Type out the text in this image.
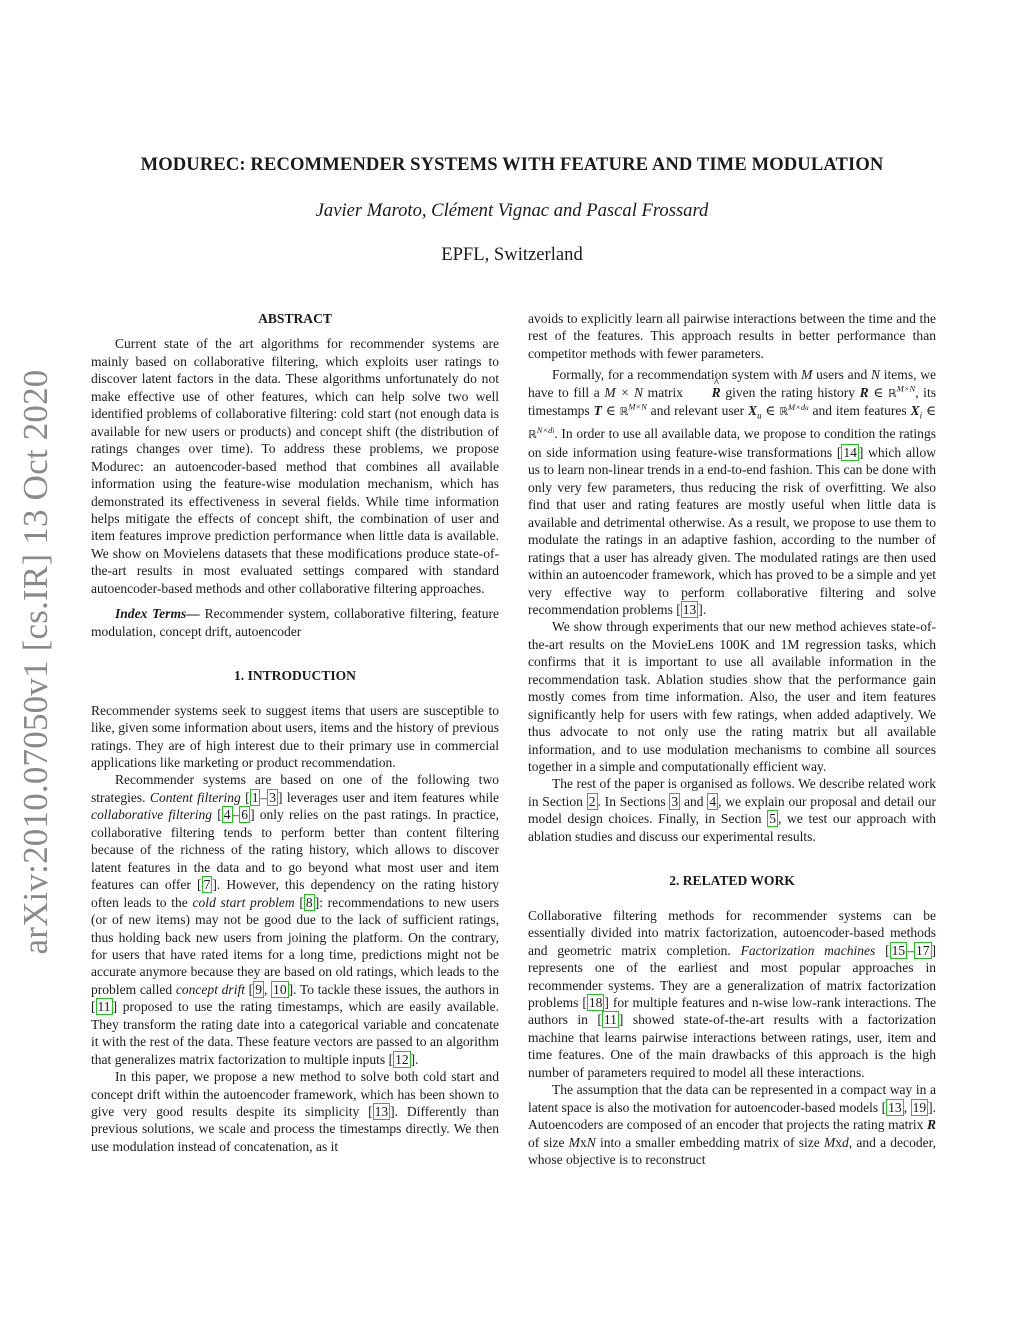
arXiv:2010.07050v1 [cs.IR] 13 Oct 2020
MODUREC: RECOMMENDER SYSTEMS WITH FEATURE AND TIME MODULATION
Javier Maroto, Clément Vignac and Pascal Frossard
EPFL, Switzerland
ABSTRACT

Current state of the art algorithms for recommender systems are mainly based on collaborative filtering, which exploits user ratings to discover latent factors in the data. These algorithms unfortunately do not make effective use of other features, which can help solve two well identified problems of collaborative filtering: cold start (not enough data is available for new users or products) and concept shift (the distribution of ratings changes over time). To address these problems, we propose Modurec: an autoencoder-based method that combines all available information using the feature-wise modulation mechanism, which has demonstrated its effectiveness in several fields. While time information helps mitigate the effects of concept shift, the combination of user and item features improve prediction performance when little data is available. We show on Movielens datasets that these modifications produce state-of-the-art results in most evaluated settings compared with standard autoencoder-based methods and other collaborative filtering approaches.

Index Terms— Recommender system, collaborative filtering, feature modulation, concept drift, autoencoder

1. INTRODUCTION

Recommender systems seek to suggest items that users are susceptible to like, given some information about users, items and the history of previous ratings. They are of high interest due to their primary use in commercial applications like marketing or product recommendation.

Recommender systems are based on one of the following two strategies. Content filtering [ 1 – 3 ] leverages user and item features while collaborative filtering [ 4 – 6 ] only relies on the past ratings. In practice, collaborative filtering tends to perform better than content filtering because of the richness of the rating history, which allows to discover latent features in the data and to go beyond what most user and item features can offer [ 7 ]. However, this dependency on the rating history often leads to the cold start problem [ 8 ]: recommendations to new users (or of new items) may not be good due to the lack of sufficient ratings, thus holding back new users from joining the platform. On the contrary, for users that have rated items for a long time, predictions might not be accurate anymore because they are based on old ratings, which leads to the problem called concept drift [ 9 , 10 ]. To tackle these issues, the authors in [ 11 ] proposed to use the rating timestamps, which are easily available. They transform the rating date into a categorical variable and concatenate it with the rest of the data. These feature vectors are passed to an algorithm that generalizes matrix factorization to multiple inputs [ 12 ].

In this paper, we propose a new method to solve both cold start and concept drift within the autoencoder framework, which has been shown to give very good results despite its simplicity [ 13 ]. Differently than previous solutions, we scale and process the timestamps directly. We then use modulation instead of concatenation, as it

avoids to explicitly learn all pairwise interactions between the time and the rest of the features. This approach results in better performance than competitor methods with fewer parameters.

Formally, for a recommendation system with M users and N items, we have to fill a M × N matrix R ^ given the rating history R ∈ ℝ$^{M\times N}$, its timestamps T ∈ ℝ$^{M\times N}$ and relevant user $X_u$ ∈ ℝ$^{M\times du}$ and item features $X_i$ ∈ ℝ$^{N\times di}$. In order to use all available data, we propose to condition the ratings on side information using feature-wise transformations [ 14 ] which allow us to learn non-linear trends in a end-to-end fashion. This can be done with only very few parameters, thus reducing the risk of overfitting. We also find that user and rating features are mostly useful when little data is available and detrimental otherwise. As a result, we propose to use them to modulate the ratings in an adaptive fashion, according to the number of ratings that a user has already given. The modulated ratings are then used within an autoencoder framework, which has proved to be a simple and yet very effective way to perform collaborative filtering and solve recommendation problems [ 13 ].

We show through experiments that our new method achieves state-of-the-art results on the MovieLens 100K and 1M regression tasks, which confirms that it is important to use all available information in the recommendation task. Ablation studies show that the performance gain mostly comes from time information. Also, the user and item features significantly help for users with few ratings, when added adaptively. We thus advocate to not only use the rating matrix but all available information, and to use modulation mechanisms to combine all sources together in a simple and computationally efficient way.

The rest of the paper is organised as follows. We describe related work in Section 2 . In Sections 3 and 4 , we explain our proposal and detail our model design choices. Finally, in Section 5 , we test our approach with ablation studies and discuss our experimental results.

2. RELATED WORK

Collaborative filtering methods for recommender systems can be essentially divided into matrix factorization, autoencoder-based methods and geometric matrix completion. Factorization machines [ 15 – 17 ] represents one of the earliest and most popular approaches in recommender systems. They are a generalization of matrix factorization problems [ 18 ] for multiple features and n-wise low-rank interactions. The authors in [ 11 ] showed state-of-the-art results with a factorization machine that learns pairwise interactions between ratings, user, item and time features. One of the main drawbacks of this approach is the high number of parameters required to model all these interactions.

The assumption that the data can be represented in a compact way in a latent space is also the motivation for autoencoder-based models [ 13 , 19 ]. Autoencoders are composed of an encoder that projects the rating matrix R of size MxN into a smaller embedding matrix of size Mxd, and a decoder, whose objective is to reconstruct
